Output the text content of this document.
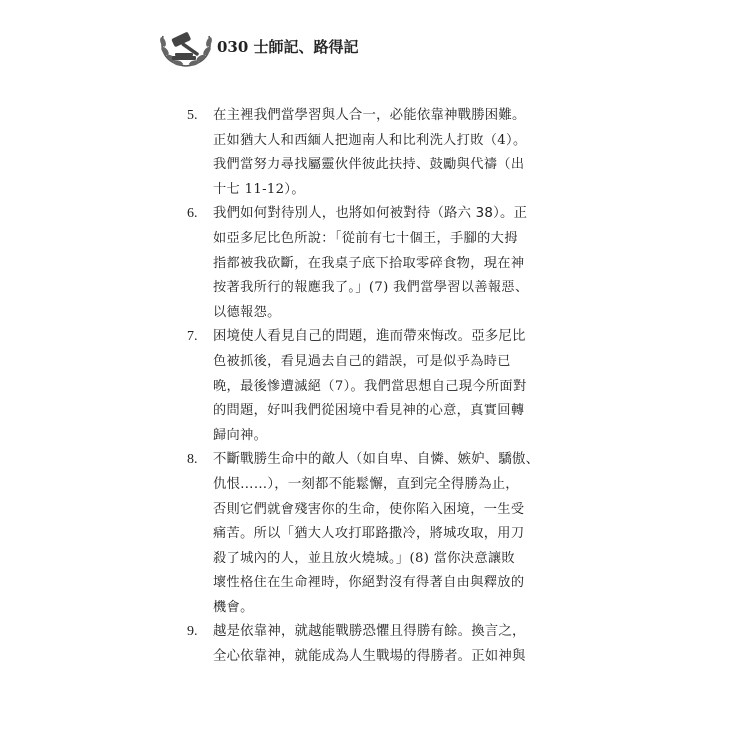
030 士師記、路得記
5.	在主裡我們當學習與人合一，必能依靠神戰勝困難。
正如猶大人和西緬人把迦南人和比利洗人打敗（4）。
我們當努力尋找屬靈伙伴彼此扶持、鼓勵與代禱（出
十七 11-12）。
6.	我們如何對待別人，也將如何被對待（路六 38）。正
如亞多尼比色所說：「從前有七十個王，手腳的大拇
指都被我砍斷，在我桌子底下拾取零碎食物，現在神
按著我所行的報應我了。」(7) 我們當學習以善報惡、
以德報怨。
7.	困境使人看見自己的問題，進而帶來悔改。亞多尼比
色被抓後，看見過去自己的錯誤，可是似乎為時已
晚，最後慘遭滅絕（7）。我們當思想自己現今所面對
的問題，好叫我們從困境中看見神的心意，真實回轉
歸向神。
8.	不斷戰勝生命中的敵人（如自卑、自憐、嫉妒、驕傲、
仇恨……），一刻都不能鬆懈，直到完全得勝為止，
否則它們就會殘害你的生命，使你陷入困境，一生受
痛苦。所以「猶大人攻打耶路撒冷，將城攻取，用刀
殺了城內的人，並且放火燒城。」(8) 當你決意讓敗
壞性格住在生命裡時，你絕對沒有得著自由與釋放的
機會。
9.	越是依靠神，就越能戰勝恐懼且得勝有餘。換言之，
全心依靠神，就能成為人生戰場的得勝者。正如神與
